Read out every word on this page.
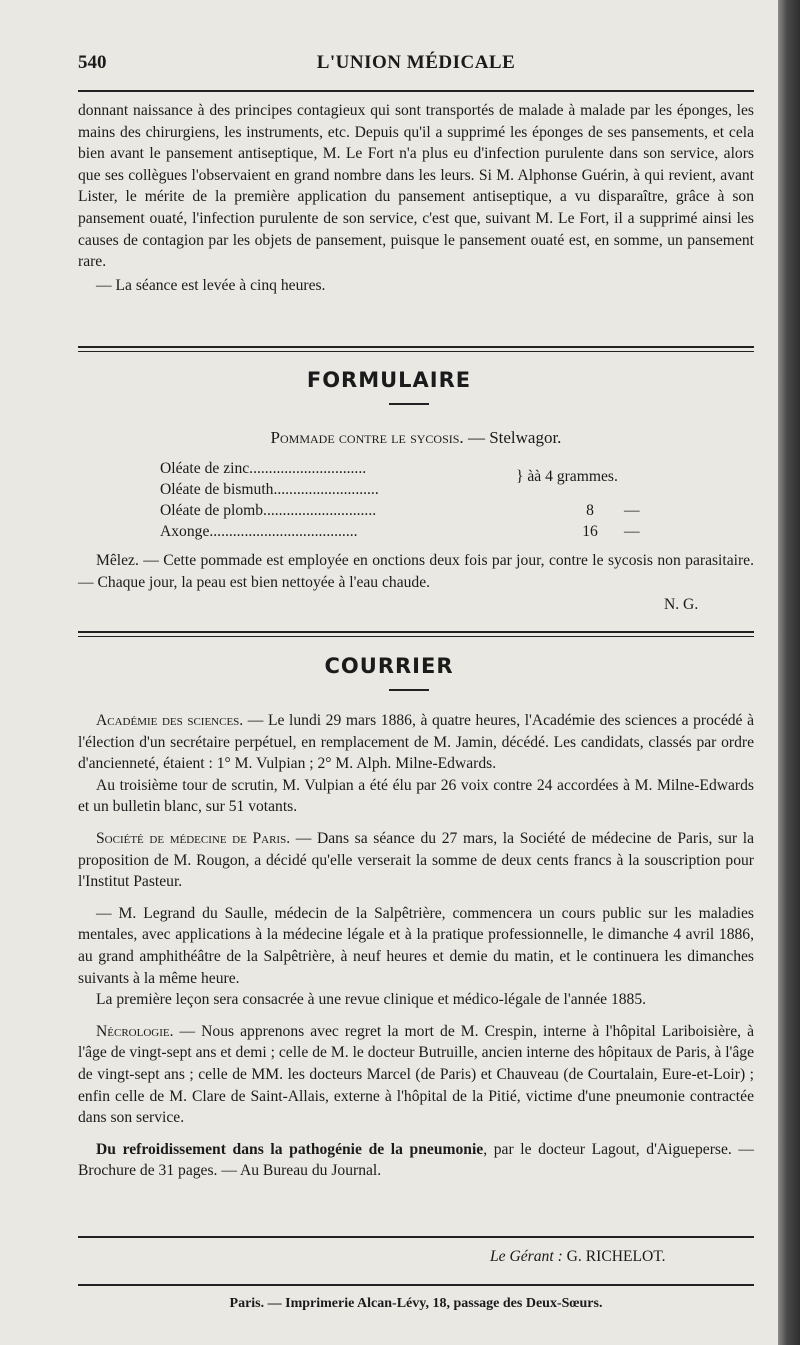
540	L'UNION MÉDICALE

donnant naissance à des principes contagieux qui sont transportés de malade à malade par les éponges, les mains des chirurgiens, les instruments, etc. Depuis qu'il a supprimé les éponges de ses pansements, et cela bien avant le pansement antiseptique, M. Le Fort n'a plus eu d'infection purulente dans son service, alors que ses collègues l'observaient en grand nombre dans les leurs. Si M. Alphonse Guérin, à qui revient, avant Lister, le mérite de la première application du pansement antiseptique, a vu disparaître, grâce à son pansement ouaté, l'infection purulente de son service, c'est que, suivant M. Le Fort, il a supprimé ainsi les causes de contagion par les objets de pansement, puisque le pansement ouaté est, en somme, un pansement rare.

— La séance est levée à cinq heures.

FORMULAIRE
Pommade contre le sycosis. — Stelwagor.
Oléate de zinc..............................
Oléate de bismuth...........................
Oléate de plomb.............................	8	—
Axonge......................................	16 —
} àà 4 grammes.
Mêlez. — Cette pommade est employée en onctions deux fois par jour, contre le sycosis non parasitaire. — Chaque jour, la peau est bien nettoyée à l'eau chaude.
N. G.
COURRIER

Académie des sciences. — Le lundi 29 mars 1886, à quatre heures, l'Académie des sciences a procédé à l'élection d'un secrétaire perpétuel, en remplacement de M. Jamin, décédé. Les candidats, classés par ordre d'ancienneté, étaient : 1° M. Vulpian ; 2° M. Alph. Milne-Edwards.

Au troisième tour de scrutin, M. Vulpian a été élu par 26 voix contre 24 accordées à M. Milne-Edwards et un bulletin blanc, sur 51 votants.

Société de médecine de Paris. — Dans sa séance du 27 mars, la Société de médecine de Paris, sur la proposition de M. Rougon, a décidé qu'elle verserait la somme de deux cents francs à la souscription pour l'Institut Pasteur.

— M. Legrand du Saulle, médecin de la Salpêtrière, commencera un cours public sur les maladies mentales, avec applications à la médecine légale et à la pratique professionnelle, le dimanche 4 avril 1886, au grand amphithéâtre de la Salpêtrière, à neuf heures et demie du matin, et le continuera les dimanches suivants à la même heure.

La première leçon sera consacrée à une revue clinique et médico-légale de l'année 1885.

Nécrologie. — Nous apprenons avec regret la mort de M. Crespin, interne à l'hôpital Lariboisière, à l'âge de vingt-sept ans et demi ; celle de M. le docteur Butruille, ancien interne des hôpitaux de Paris, à l'âge de vingt-sept ans ; celle de MM. les docteurs Marcel (de Paris) et Chauveau (de Courtalain, Eure-et-Loir) ; enfin celle de M. Clare de Saint-Allais, externe à l'hôpital de la Pitié, victime d'une pneumonie contractée dans son service.

Du refroidissement dans la pathogénie de la pneumonie, par le docteur Lagout, d'Aigueperse. — Brochure de 31 pages. — Au Bureau du Journal.

Le Gérant : G. RICHELOT.
Paris. — Imprimerie Alcan-Lévy, 18, passage des Deux-Sœurs.
